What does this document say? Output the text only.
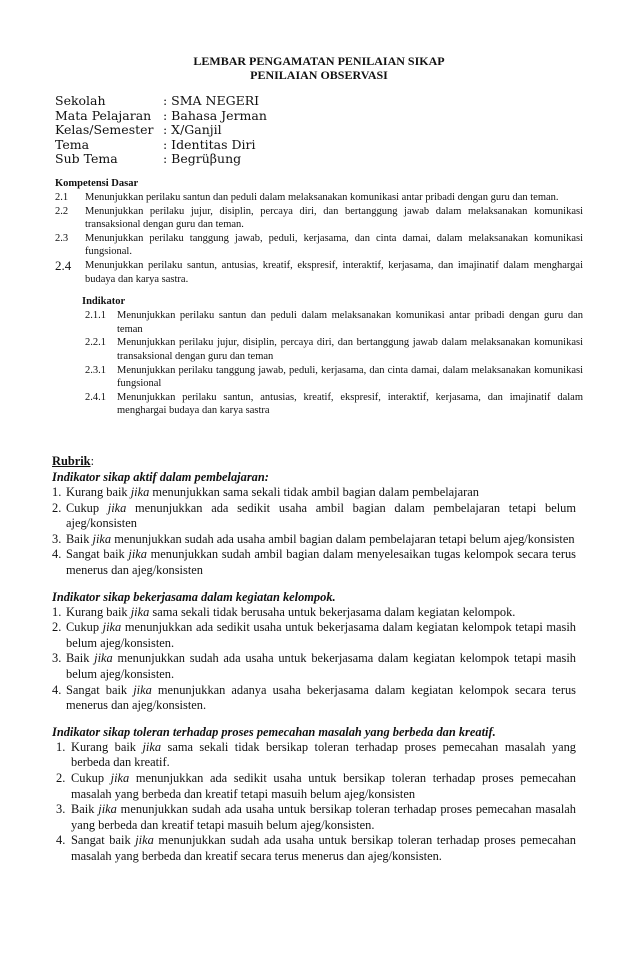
LEMBAR PENGAMATAN PENILAIAN SIKAP
PENILAIAN OBSERVASI
Sekolah	: SMA NEGERI
Mata Pelajaran : Bahasa Jerman
Kelas/Semester : X/Ganjil
Tema	: Identitas Diri
Sub Tema	: Begrüβung
Kompetensi Dasar
2.1 Menunjukkan perilaku santun dan peduli dalam melaksanakan komunikasi antar pribadi dengan guru dan teman.
2.2 Menunjukkan perilaku jujur, disiplin, percaya diri, dan bertanggung jawab dalam melaksanakan komunikasi transaksional dengan guru dan teman.
2.3 Menunjukkan perilaku tanggung jawab, peduli, kerjasama, dan cinta damai, dalam melaksanakan komunikasi fungsional.
2.4 Menunjukkan perilaku santun, antusias, kreatif, ekspresif, interaktif, kerjasama, dan imajinatif dalam menghargai budaya dan karya sastra.
Indikator
2.1.1 Menunjukkan perilaku santun dan peduli dalam melaksanakan komunikasi antar pribadi dengan guru dan teman
2.2.1 Menunjukkan perilaku jujur, disiplin, percaya diri, dan bertanggung jawab dalam melaksanakan komunikasi transaksional dengan guru dan teman
2.3.1 Menunjukkan perilaku tanggung jawab, peduli, kerjasama, dan cinta damai, dalam melaksanakan komunikasi fungsional
2.4.1 Menunjukkan perilaku santun, antusias, kreatif, ekspresif, interaktif, kerjasama, dan imajinatif dalam menghargai budaya dan karya sastra
Rubrik:
Indikator sikap aktif dalam pembelajaran:
1. Kurang baik jika menunjukkan sama sekali tidak ambil bagian dalam pembelajaran
2. Cukup jika menunjukkan ada sedikit usaha ambil bagian dalam pembelajaran tetapi belum ajeg/konsisten
3. Baik jika menunjukkan sudah ada usaha ambil bagian dalam pembelajaran tetapi belum ajeg/konsisten
4. Sangat baik jika menunjukkan sudah ambil bagian dalam menyelesaikan tugas kelompok secara terus menerus dan ajeg/konsisten
Indikator sikap bekerjasama dalam kegiatan kelompok.
1. Kurang baik jika sama sekali tidak berusaha untuk bekerjasama dalam kegiatan kelompok.
2. Cukup jika menunjukkan ada sedikit usaha untuk bekerjasama dalam kegiatan kelompok tetapi masih belum ajeg/konsisten.
3. Baik jika menunjukkan sudah ada usaha untuk bekerjasama dalam kegiatan kelompok tetapi masih belum ajeg/konsisten.
4. Sangat baik jika menunjukkan adanya usaha bekerjasama dalam kegiatan kelompok secara terus menerus dan ajeg/konsisten.
Indikator sikap toleran terhadap proses pemecahan masalah yang berbeda dan kreatif.
1. Kurang baik jika sama sekali tidak bersikap toleran terhadap proses pemecahan masalah yang berbeda dan kreatif.
2. Cukup jika menunjukkan ada sedikit usaha untuk bersikap toleran terhadap proses pemecahan masalah yang berbeda dan kreatif tetapi masuih belum ajeg/konsisten
3. Baik jika menunjukkan sudah ada usaha untuk bersikap toleran terhadap proses pemecahan masalah yang berbeda dan kreatif tetapi masuih belum ajeg/konsisten.
4. Sangat baik jika menunjukkan sudah ada usaha untuk bersikap toleran terhadap proses pemecahan masalah yang berbeda dan kreatif secara terus menerus dan ajeg/konsisten.
